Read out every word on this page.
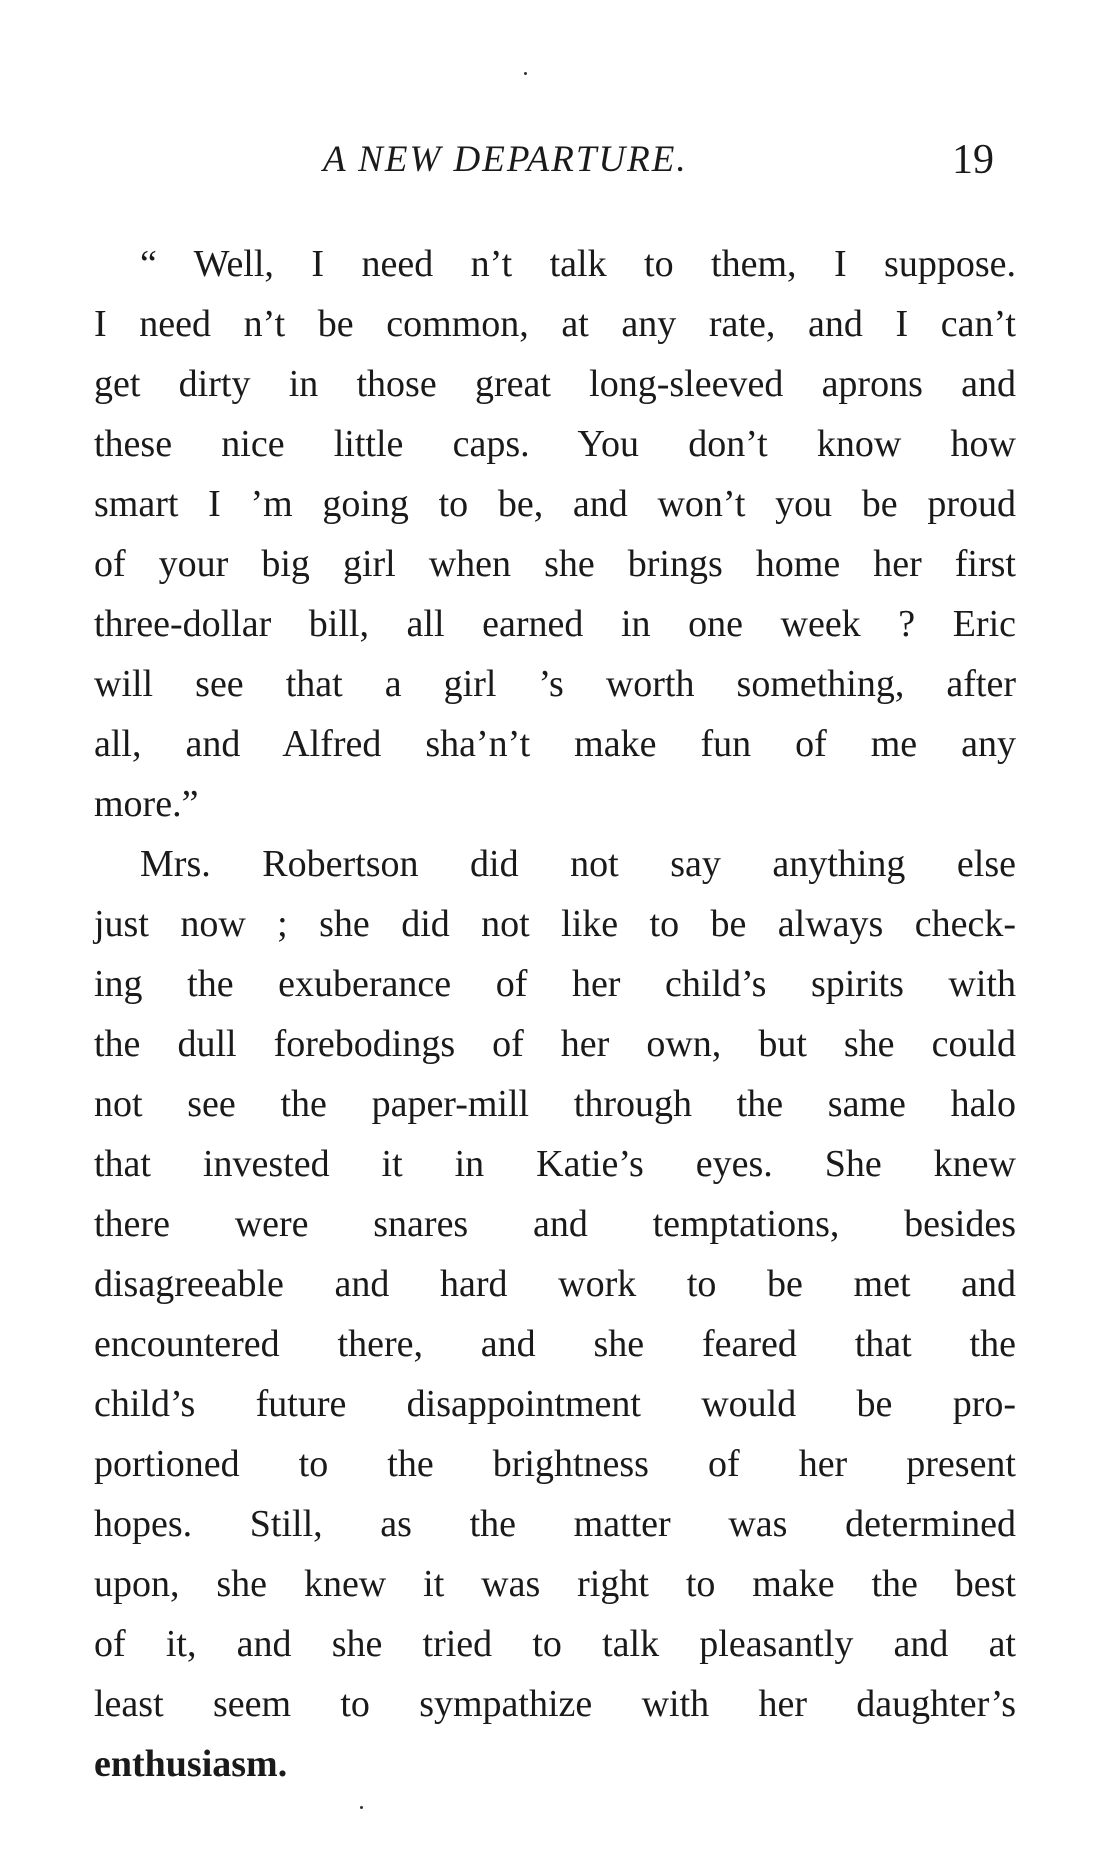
A NEW DEPARTURE.	19
“ Well, I need n’t talk to them, I suppose.
I need n’t be common, at any rate, and I can’t
get dirty in those great long-sleeved aprons and
these nice little caps. You don’t know how
smart I ’m going to be, and won’t you be proud
of your big girl when she brings home her first
three-dollar bill, all earned in one week ? Eric
will see that a girl ’s worth something, after
all, and Alfred sha’n’t make fun of me any
more.”
Mrs. Robertson did not say anything else
just now ; she did not like to be always check-
ing the exuberance of her child’s spirits with
the dull forebodings of her own, but she could
not see the paper-mill through the same halo
that invested it in Katie’s eyes. She knew
there were snares and temptations, besides
disagreeable and hard work to be met and
encountered there, and she feared that the
child’s future disappointment would be pro-
portioned to the brightness of her present
hopes. Still, as the matter was determined
upon, she knew it was right to make the best
of it, and she tried to talk pleasantly and at
least seem to sympathize with her daughter’s
enthusiasm.
